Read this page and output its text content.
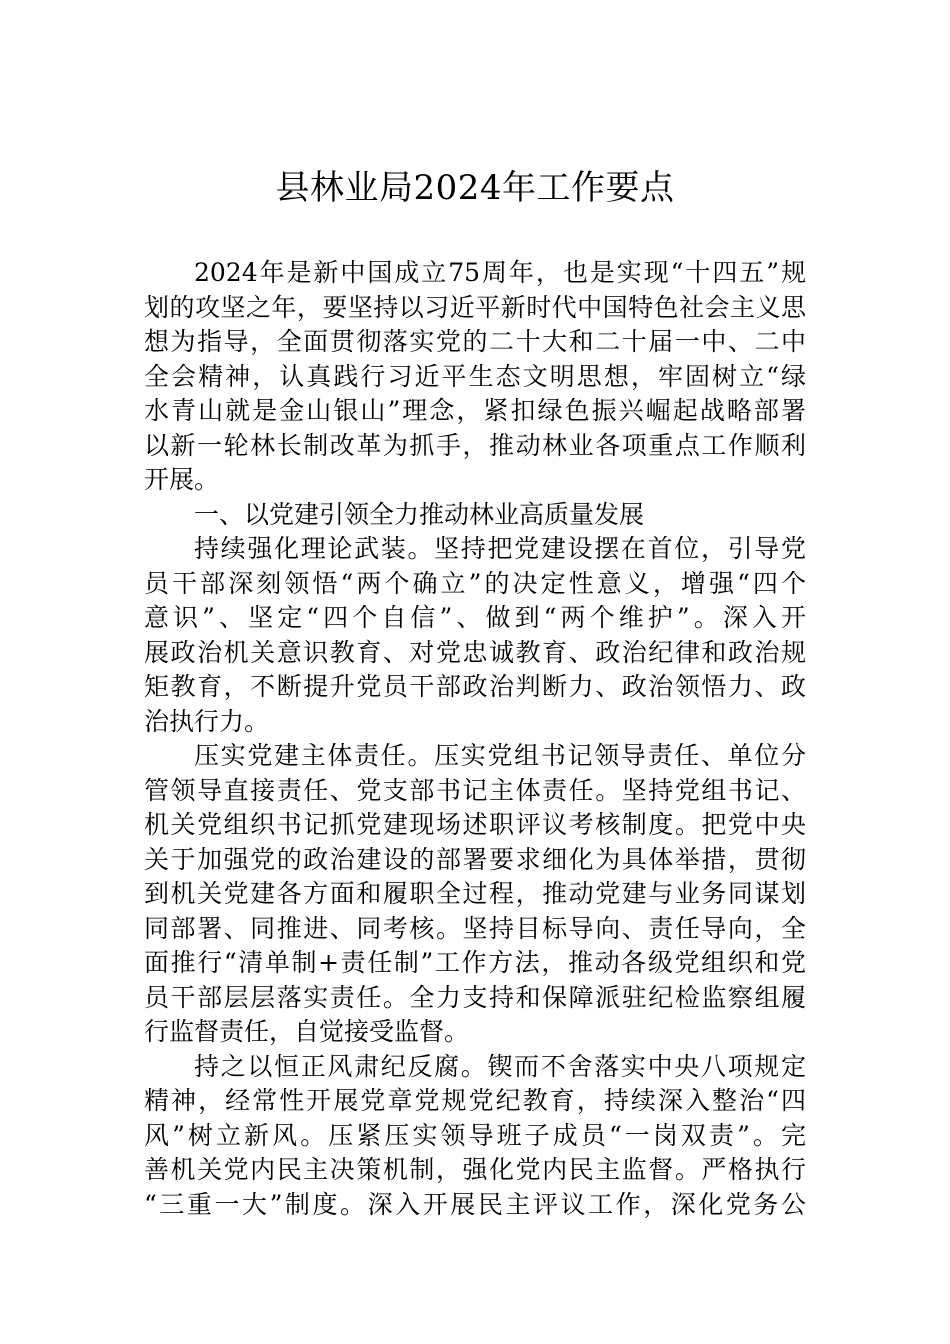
县林业局2024年工作要点
2024年是新中国成立75周年，也是实现“十四五”规
划的攻坚之年，要坚持以习近平新时代中国特色社会主义思
想为指导，全面贯彻落实党的二十大和二十届一中、二中
全会精神，认真践行习近平生态文明思想，牢固树立“绿
水青山就是金山银山”理念，紧扣绿色振兴崛起战略部署
以新一轮林长制改革为抓手，推动林业各项重点工作顺利
开展。
一、以党建引领全力推动林业高质量发展
持续强化理论武装。坚持把党建设摆在首位，引导党
员干部深刻领悟“两个确立”的决定性意义，增强“四个
意识”、坚定“四个自信”、做到“两个维护”。深入开
展政治机关意识教育、对党忠诚教育、政治纪律和政治规
矩教育，不断提升党员干部政治判断力、政治领悟力、政
治执行力。
压实党建主体责任。压实党组书记领导责任、单位分
管领导直接责任、党支部书记主体责任。坚持党组书记、
机关党组织书记抓党建现场述职评议考核制度。把党中央
关于加强党的政治建设的部署要求细化为具体举措，贯彻
到机关党建各方面和履职全过程，推动党建与业务同谋划
同部署、同推进、同考核。坚持目标导向、责任导向，全
面推行“清单制+责任制”工作方法，推动各级党组织和党
员干部层层落实责任。全力支持和保障派驻纪检监察组履
行监督责任，自觉接受监督。
持之以恒正风肃纪反腐。锲而不舍落实中央八项规定
精神，经常性开展党章党规党纪教育，持续深入整治“四
风”树立新风。压紧压实领导班子成员“一岗双责”。完
善机关党内民主决策机制，强化党内民主监督。严格执行
“三重一大”制度。深入开展民主评议工作，深化党务公
